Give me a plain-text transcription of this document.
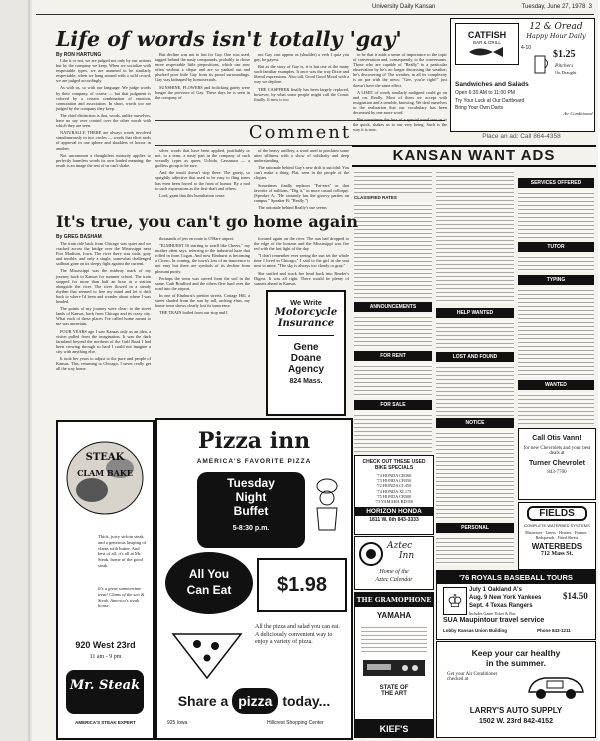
University Daily Kansan	Tuesday, June 27, 1978 3
Life of words isn't totally 'gay'
By RON HARTUNG

Like it or not, we are judged not only by our actions but by the company we keep. When we socialize with respectable types, we are assumed to be similarly respectable; when we hang around with a wild crowd, we are judged accordingly.

As with us, so with our language. We judge words by their company, of course — but that judgment is colored by a certain combination of emotion, connotation and association. In short, words too are judged by the company they keep.

The chief distinction is that, words, unlike ourselves, have no say over control over the other words with which they are seen.

NATURALLY, THERE are always words involved simultaneously in two circles — words that elicit nods of approval in one sphere and shudders of horror in another.

Not uncommon a thoughtless minority applies to perfectly harmless words its own loaded meaning; the result is an image the rest of us can't shake.

But decline was not to last for Gay. One was used, tagged behind the nasty compounds, probably to chose more respectable little prepositions, which can now often without a clique and are so yanked out and plucked poor little Gay from its proud surroundings. Gay was kidnaped by homosexuals.

SUNSHINE, FLOWERS and frolicking gaiety were longer the province of Gay. These days he is seen in the company of

not Gay cast appear as (shudder) a verb I quiz you gay, he gayest.

But as the story of Gay is, it is but one of the many such familiar examples. It once was the way Dixie and liberal expressions. Also tall, Good Good Mood with a way we deplore.

THE CASPFRER finally has been largely replaced, however, by what some people might call the Comic finally. It now is too

Comment

silver words that have been applied, justifiably or not, to a term, a nasty part in the company of such sexually types as queer, Uchida, Cassasura — a godless group to be sure.

And the insult doesn't stop there. The gaiety, so sprightly adjective that used to be easy to fling tones has even been forced to the front of humor. By a nod to such expressions as the first-draft and others.

Lord, grant that this humiliation cease.

of the heavy artillery, a word used to proclaim some utter silliness with a show of solidarity and deep understanding.

The rationale behind Gay's new drift is suicidal: You can't make a thing. Flat, seen in the people of the cliques.

Sometimes finally replaces "Fat-ears" or that favorite of millions, "Dig it," in more casual colloquy. (Speaker A: "He certainly has the groovy parties on campus." Speaker B: "Really.")

The rationale behind Really's use seems

to be that it adds a sense of importance to the topic of conversation and, consequently, to the conversants. Those who are capable of "Really" to a particular observation by he's no longer discussing the weather; he's discovering it! The weather, in all its complexity is on par with the news: "Gee, you're right!" just doesn't have the same effect.

A LIMIT of words similarly maligned could go on and on. Really. Most of them we accept with resignation and a tremble, knowing. We deal ourselves to the realization that our vocabulary has been decreased by one more word.

But sometimes the loss of a special word cuts us to the quick, shakes us to our very being. Such is the way it is now.

CATFISH
BAR & GRILL
12 & Oread
Happy Hour Daily
4-10
$1.25
Pitchers
On Draught
Sandwiches and Salads
Open 6:30 AM to 11:00 PM
Try Your Luck at Our Dartboard
Bring Your Own Darts
Air Conditioned
Place an ad: Call 864-4358
KANSAN WANT ADS
CLASSIFIED RATES
ANNOUNCEMENTS
FOR RENT
FOR SALE
HELP WANTED
LOST AND FOUND
NOTICE
PERSONAL
SERVICES OFFERED
TUTOR
TYPING
WANTED
Call Otis Vann!
for new Chevrolets and your best deals at
Turner Chevrolet
843-7700
FIELDS
COMPLETE WATERBED SYSTEMS
Mattresses · Liners · Heaters · Frames · Bedspreads · Fitted Sheets
WATERBEDS
712 Mass St.
'76 ROYALS BASEBALL TOURS
♔
July 1 Oakland A's
Aug. 9 New York Yankees
Sept. 4 Texas Rangers
$14.50
Includes Game Ticket & Bus
SUA Maupintour travel service
Lobby Kansas Union Building	Phone 843-1211
Keep your car healthy
in the summer.
Get your Air Conditioner
checked at
LARRY'S AUTO SUPPLY
1502 W. 23rd 842-4152
CHECK OUT THESE USED BIKE SPECIALS
'74 HONDA CB360
'73 HONDA CB350
'72 HONDA CL450
'74 HONDA XL175
'75 HONDA CB500
'73 YAMAHA RD350
HORIZON HONDA
1811 W. 6th 843-3333
Aztec
Inn
Home of the
Aztec Calendar
THE GRAMOPHONE
YAMAHA
STATE OF
THE ART
KIEF'S
DISCOUNT RECORDS AND STEREO
It's true, you can't go home again
By GREG BASHAM

The train ride back from Chicago was quiet and we cracked across the bridge over the Mississippi near Fort Madison, Iowa. The river there was wide, gray and terrible, and only a single, somewhat challenged sailboat gone on its sleepy fight against the current.

The Mississippi was the midway mark of my journey back to Kansas for summer school. The train stopped for more than half an hour at a station alongside the river. The river flowed in a steady rhythm that seemed to free my mind and let it drift back to where I'd been and wonder about where I was headed.

The points of my journey were clear: to the street lands of Kansas, back from Chicago and its crazy city. What each of these places I've called home meant to me was uncertain.

FOUR YEARS ago I saw Kansas only as an idea, a vision pulled from the imagination. It was the dark farmland beyond the northern of the Gulf Road I had been crowing through so hard I could not imagine a city with anything else.

It took her years to adjust to the pace and people of Kansas. This, returning to Chicago, I never really get all the way home.

thousands of jets en route to O'Hare airport.

"ELMHURST IS starting to smell like Cheers," my mother often says, referring to the industrial haze that rolled in from Cogan. And now Elmhurst is becoming a Cicero. In coming, the town's loss of an innocence is not easy but there are symbols of its decline from pleasant purity.

Perhaps the town was carved from the soil in the same. Cath Bradford and the others flew hard over the road into the airport.

In one of Elmhurst's prettier streets, Cottage Hill, a street shaded from the sun by tall, arching elms, my home town shows clearly lost its innocence.

THE TRAIN boiled from our stop and I

focused again on the river. The sun had dropped to the edge of the horizon and the Mississippi was fire red with the last light of the day.

"I don't remember ever seeing the sun set the whole time I lived in Chicago," I said to the girl in the seat next to mine. "The sky is always too cloudy or gray."

She smiled and stuck her head back into Reader's Digest. It was all right. There would be plenty of sunsets ahead in Kansas.

We Write
Motorcycle
Insurance
Gene
Doane
Agency
824 Mass.
Pizza inn
AMERICA'S FAVORITE PIZZA
Tuesday
Night
Buffet
5-8:30 p.m.
All You
Can Eat	$1.98
All the pizza and salad you can eat. A deliciously convenient way to enjoy a variety of pizza.
Share a pizza today...
925 Iowa	Hillcrest Shopping Center
STEAK
CLAM BAKE
Thick, juicy sirloin steak and a generous heaping of clams with butter. And best of all, it's all at Mr. Steak, home of the good steak.
It's a great summertime treat! Clams of the sea & Steak. America's steak house.
920 West 23rd
11 am - 9 pm
Mr. Steak
AMERICA'S STEAK EXPERT
